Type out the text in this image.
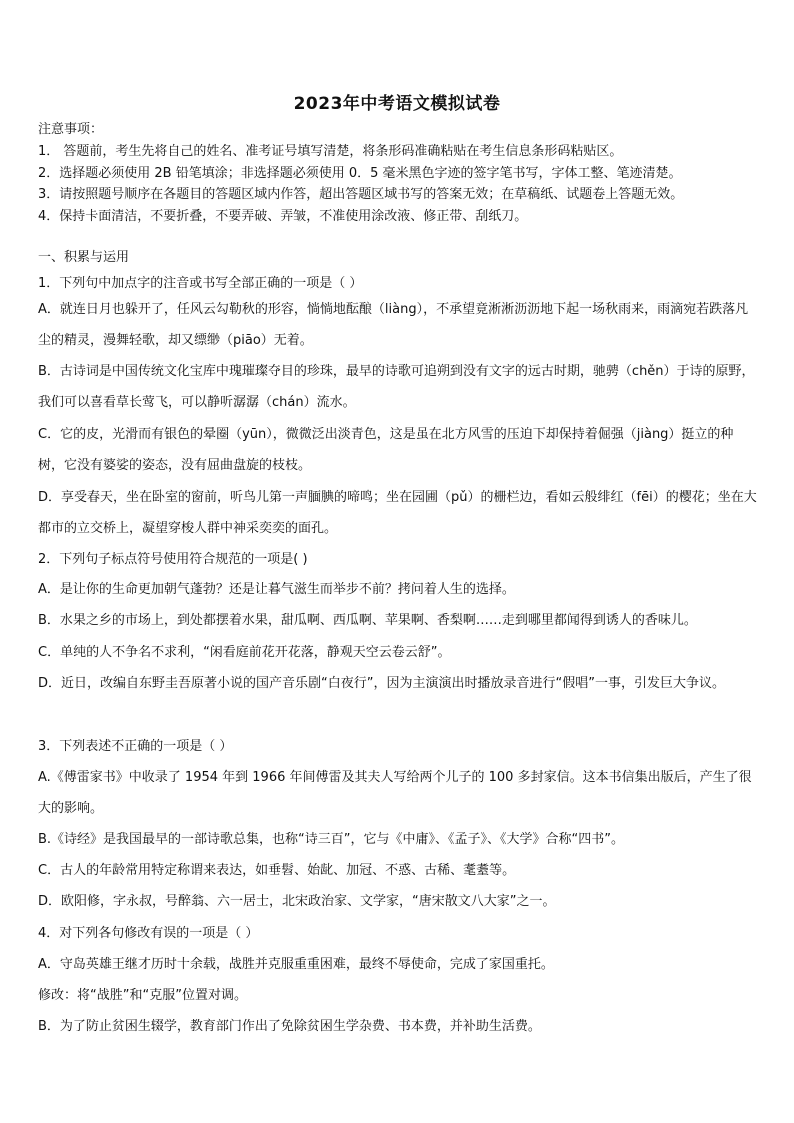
2023年中考语文模拟试卷
注意事项：
1． 答题前，考生先将自己的姓名、准考证号填写清楚，将条形码准确粘贴在考生信息条形码粘贴区。
2．选择题必须使用 2B 铅笔填涂；非选择题必须使用 0．5 毫米黑色字迹的签字笔书写，字体工整、笔迹清楚。
3．请按照题号顺序在各题目的答题区域内作答，超出答题区域书写的答案无效；在草稿纸、试题卷上答题无效。
4．保持卡面清洁，不要折叠，不要弄破、弄皱，不准使用涂改液、修正带、刮纸刀。
一、积累与运用
1．下列句中加点字的注音或书写全部正确的一项是（ ）
A．就连日月也躲开了，任风云勾勒秋的形容，惝惝地酝酿（liàng），不承望竟淅淅沥沥地下起一场秋雨来，雨滴宛若跌落凡尘的精灵，漫舞轻歌，却又缥缈（piāo）无着。
B．古诗词是中国传统文化宝库中瑰璀璨夺目的珍珠，最早的诗歌可追朔到没有文字的远古时期，驰骋（chěn）于诗的原野，我们可以喜看草长莺飞，可以静听潺潺（chán）流水。
C．它的皮，光滑而有银色的晕圈（yūn），微微泛出淡青色，这是虽在北方风雪的压迫下却保持着倔强（jiàng）挺立的种树，它没有婆娑的姿态，没有屈曲盘旋的枝枝。
D．享受春天，坐在卧室的窗前，听鸟儿第一声腼腆的啼鸣；坐在园圃（pǔ）的栅栏边，看如云般绯红（fēi）的樱花；坐在大都市的立交桥上，凝望穿梭人群中神采奕奕的面孔。
2．下列句子标点符号使用符合规范的一项是( )
A．是让你的生命更加朝气蓬勃？还是让暮气滋生而举步不前？拷问着人生的选择。
B．水果之乡的市场上，到处都摆着水果，甜瓜啊、西瓜啊、苹果啊、香梨啊……走到哪里都闻得到诱人的香味儿。
C．单纯的人不争名不求利，“闲看庭前花开花落，静观天空云卷云舒”。
D．近日，改编自东野圭吾原著小说的国产音乐剧“白夜行”，因为主演演出时播放录音进行“假唱”一事，引发巨大争议。
3．下列表述不正确的一项是（ ）
A.《傅雷家书》中收录了 1954 年到 1966 年间傅雷及其夫人写给两个儿子的 100 多封家信。这本书信集出版后，产生了很大的影响。
B.《诗经》是我国最早的一部诗歌总集，也称“诗三百”，它与《中庸》、《孟子》、《大学》合称“四书”。
C．古人的年龄常用特定称谓来表达，如垂髫、始龀、加冠、不惑、古稀、耄耋等。
D．欧阳修，字永叔，号醉翁、六一居士，北宋政治家、文学家，“唐宋散文八大家”之一。
4．对下列各句修改有误的一项是（ ）
A．守岛英雄王继才历时十余载，战胜并克服重重困难，最终不辱使命，完成了家国重托。
修改：将“战胜”和“克服”位置对调。
B．为了防止贫困生辍学，教育部门作出了免除贫困生学杂费、书本费，并补助生活费。
